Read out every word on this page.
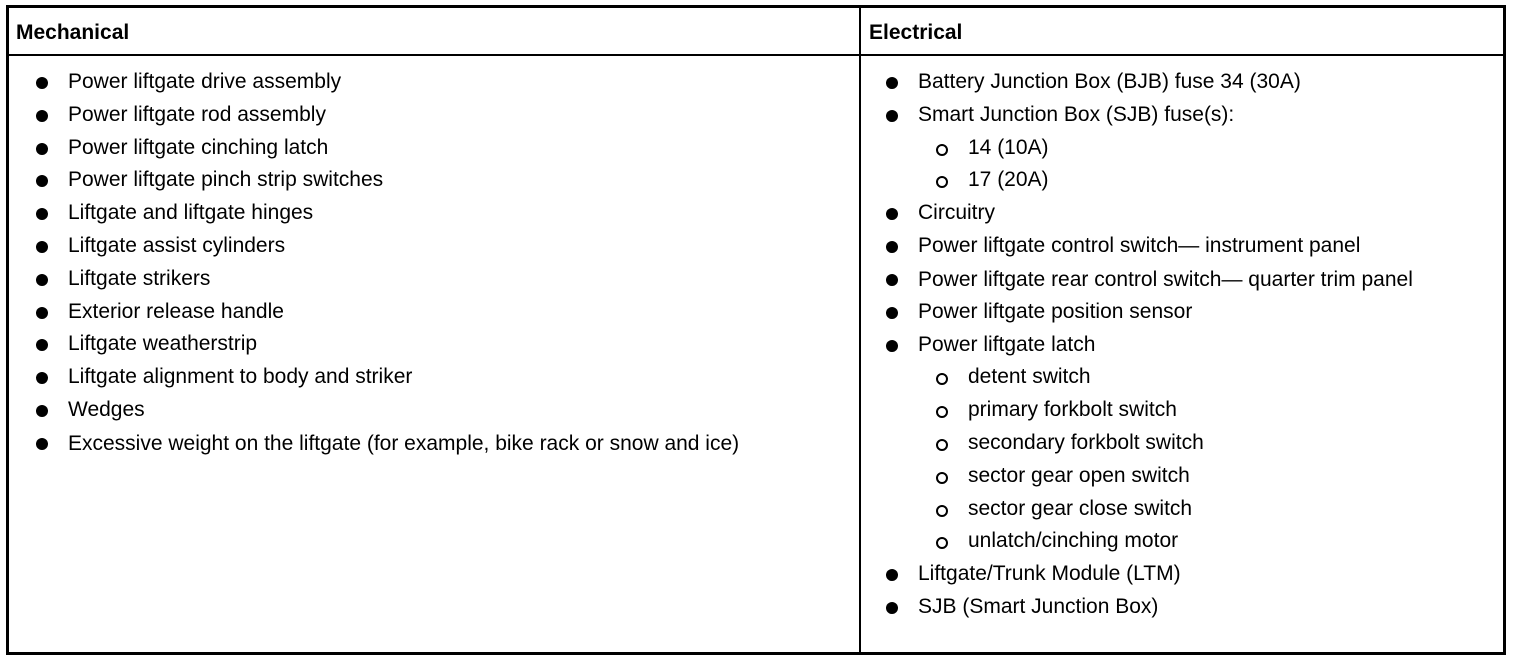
Mechanical	Electrical
Power liftgate drive assembly
Power liftgate rod assembly
Power liftgate cinching latch
Power liftgate pinch strip switches
Liftgate and liftgate hinges
Liftgate assist cylinders
Liftgate strikers
Exterior release handle
Liftgate weatherstrip
Liftgate alignment to body and striker
Wedges
Excessive weight on the liftgate (for example, bike rack or snow and ice)
Battery Junction Box (BJB) fuse 34 (30A)
Smart Junction Box (SJB) fuse(s):
14 (10A)
17 (20A)
Circuitry
Power liftgate control switch— instrument panel
Power liftgate rear control switch— quarter trim panel
Power liftgate position sensor
Power liftgate latch
detent switch
primary forkbolt switch
secondary forkbolt switch
sector gear open switch
sector gear close switch
unlatch/cinching motor
Liftgate/Trunk Module (LTM)
SJB (Smart Junction Box)
